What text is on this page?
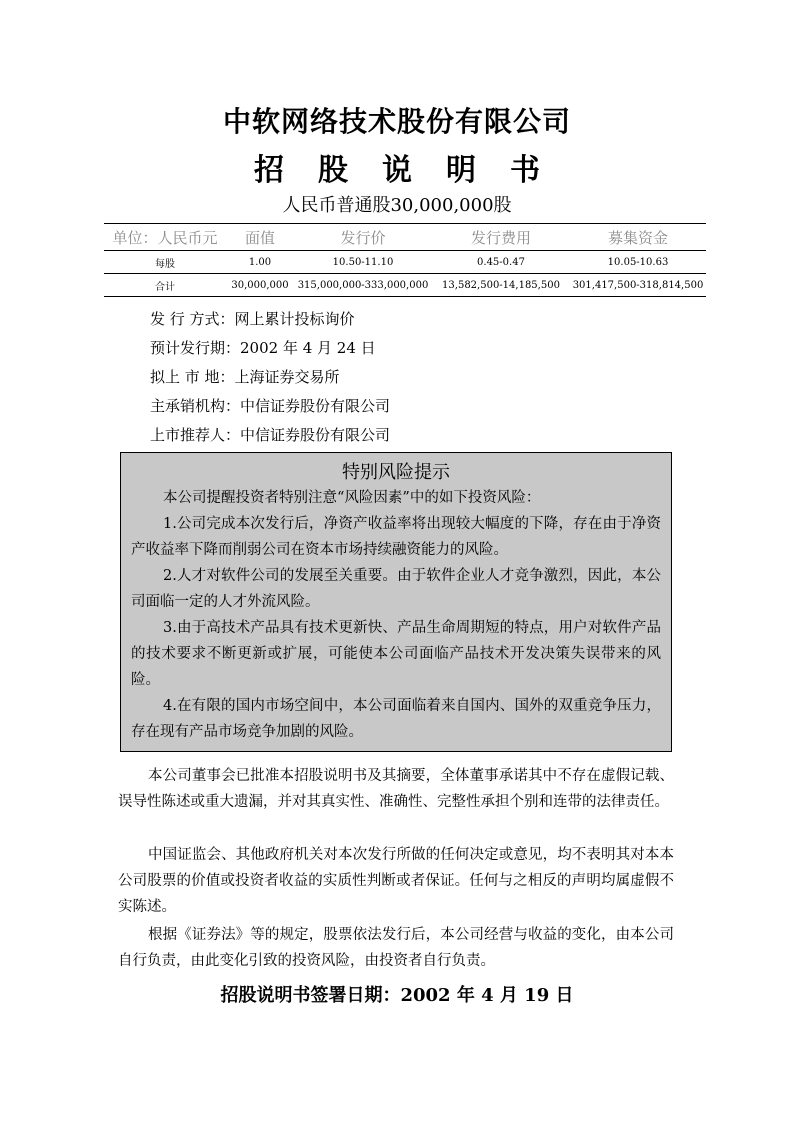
中软网络技术股份有限公司
招股说明书
人民币普通股30,000,000股
单位：人民币元	面值	发行价	发行费用	募集资金
每股	1.00	10.50-11.10	0.45-0.47	10.05-10.63
合计	30,000,000	315,000,000-333,000,000	13,582,500-14,185,500	301,417,500-318,814,500
发 行 方式：网上累计投标询价
预计发行期：2002 年 4 月 24 日
拟上 市 地：上海证券交易所
主承销机构：中信证券股份有限公司
上市推荐人：中信证券股份有限公司
特别风险提示
本公司提醒投资者特别注意“风险因素”中的如下投资风险：
1.公司完成本次发行后，净资产收益率将出现较大幅度的下降，存在由于净资产收益率下降而削弱公司在资本市场持续融资能力的风险。
2.人才对软件公司的发展至关重要。由于软件企业人才竞争激烈，因此，本公司面临一定的人才外流风险。
3.由于高技术产品具有技术更新快、产品生命周期短的特点，用户对软件产品的技术要求不断更新或扩展，可能使本公司面临产品技术开发决策失误带来的风险。
4.在有限的国内市场空间中，本公司面临着来自国内、国外的双重竞争压力，存在现有产品市场竞争加剧的风险。
本公司董事会已批准本招股说明书及其摘要，全体董事承诺其中不存在虚假记载、误导性陈述或重大遗漏，并对其真实性、准确性、完整性承担个别和连带的法律责任。
中国证监会、其他政府机关对本次发行所做的任何决定或意见，均不表明其对本本公司股票的价值或投资者收益的实质性判断或者保证。任何与之相反的声明均属虚假不实陈述。
根据《证券法》等的规定，股票依法发行后，本公司经营与收益的变化，由本公司自行负责，由此变化引致的投资风险，由投资者自行负责。
招股说明书签署日期：2002 年 4 月 19 日
